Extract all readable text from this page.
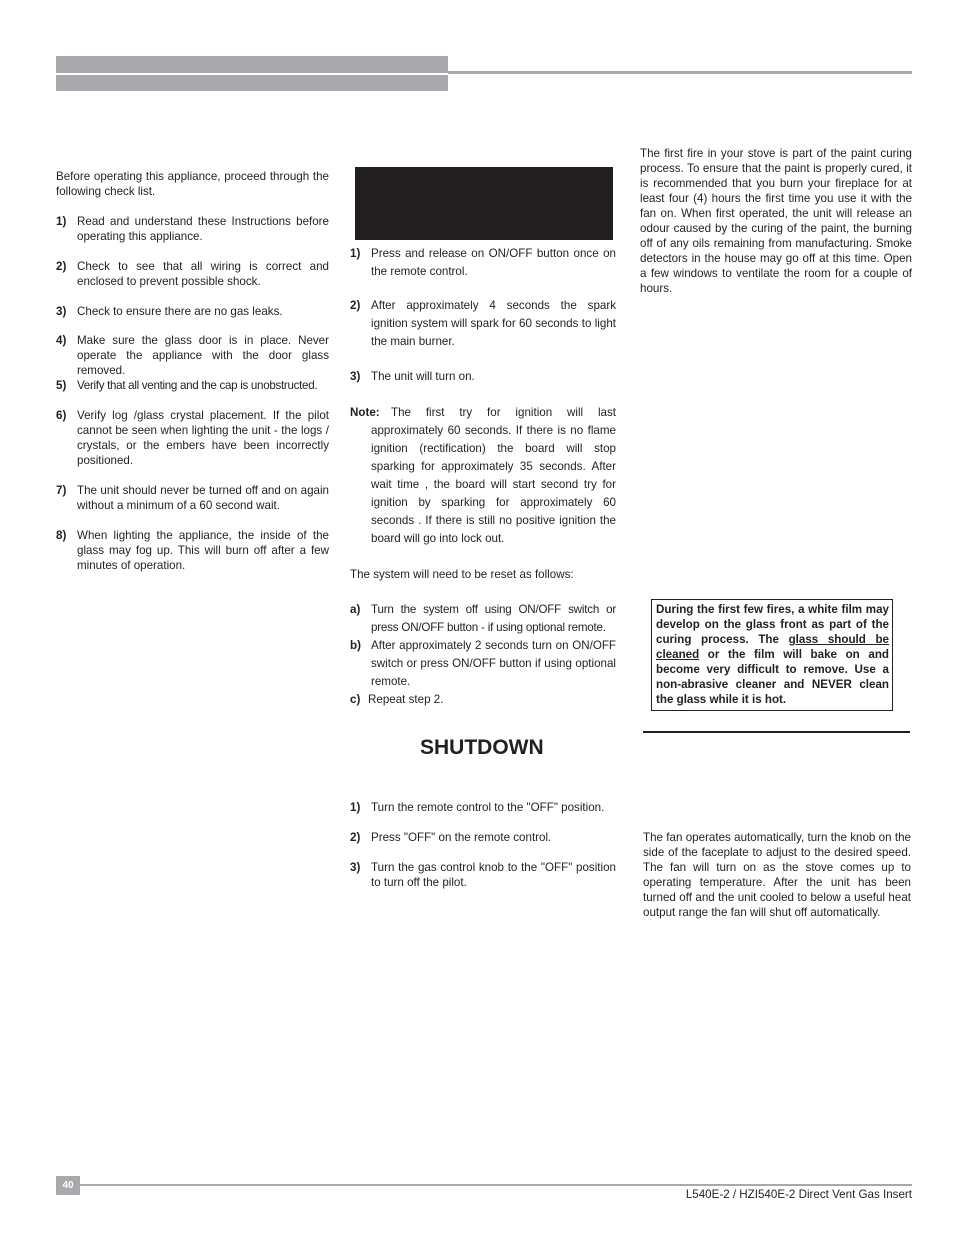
Before operating this appliance, proceed through the following check list.

1) Read and understand these Instructions before operating this appliance.
2) Check to see that all wiring is correct and enclosed to prevent possible shock.
3) Check to ensure there are no gas leaks.
4) Make sure the glass door is in place. Never operate the appliance with the door glass removed.
5) Verify that all venting and the cap is unobstructed.
6) Verify log /glass crystal placement. If the pilot cannot be seen when lighting the unit - the logs / crystals, or the embers have been incorrectly positioned.
7) The unit should never be turned off and on again without a minimum of a 60 second wait.
8) When lighting the appliance, the inside of the glass may fog up. This will burn off after a few minutes of operation.
1) Press and release on ON/OFF button once on the remote control.
2) After approximately 4 seconds the spark ignition system will spark for 60 seconds to light the main burner.
3) The unit will turn on.
Note: The first try for ignition will last approximately 60 seconds. If there is no flame ignition (rectification) the board will stop sparking for approximately 35 seconds. After wait time , the board will start second try for ignition by sparking for approximately 60 seconds . If there is still no positive ignition the board will go into lock out.

The system will need to be reset as follows:

a) Turn the system off using ON/OFF switch or press ON/OFF button - if using optional remote.
b) After approximately 2 seconds turn on ON/OFF switch or press ON/OFF button if using optional remote.
c) Repeat step 2.
SHUTDOWN
1) Turn the remote control to the "OFF" position.
2) Press "OFF" on the remote control.
3) Turn the gas control knob to the "OFF" position to turn off the pilot.

The first fire in your stove is part of the paint curing process. To ensure that the paint is properly cured, it is recommended that you burn your fireplace for at least four (4) hours the first time you use it with the fan on. When first operated, the unit will release an odour caused by the curing of the paint, the burning off of any oils remaining from manufacturing. Smoke detectors in the house may go off at this time. Open a few windows to ventilate the room for a couple of hours.

During the first few fires, a white film may develop on the glass front as part of the curing process. The glass should be cleaned or the film will bake on and become very difficult to remove. Use a non-abrasive cleaner and NEVER clean the glass while it is hot.

The fan operates automatically, turn the knob on the side of the faceplate to adjust to the desired speed. The fan will turn on as the stove comes up to operating temperature. After the unit has been turned off and the unit cooled to below a useful heat output range the fan will shut off automatically.

40
L540E-2 / HZI540E-2 Direct Vent Gas Insert
